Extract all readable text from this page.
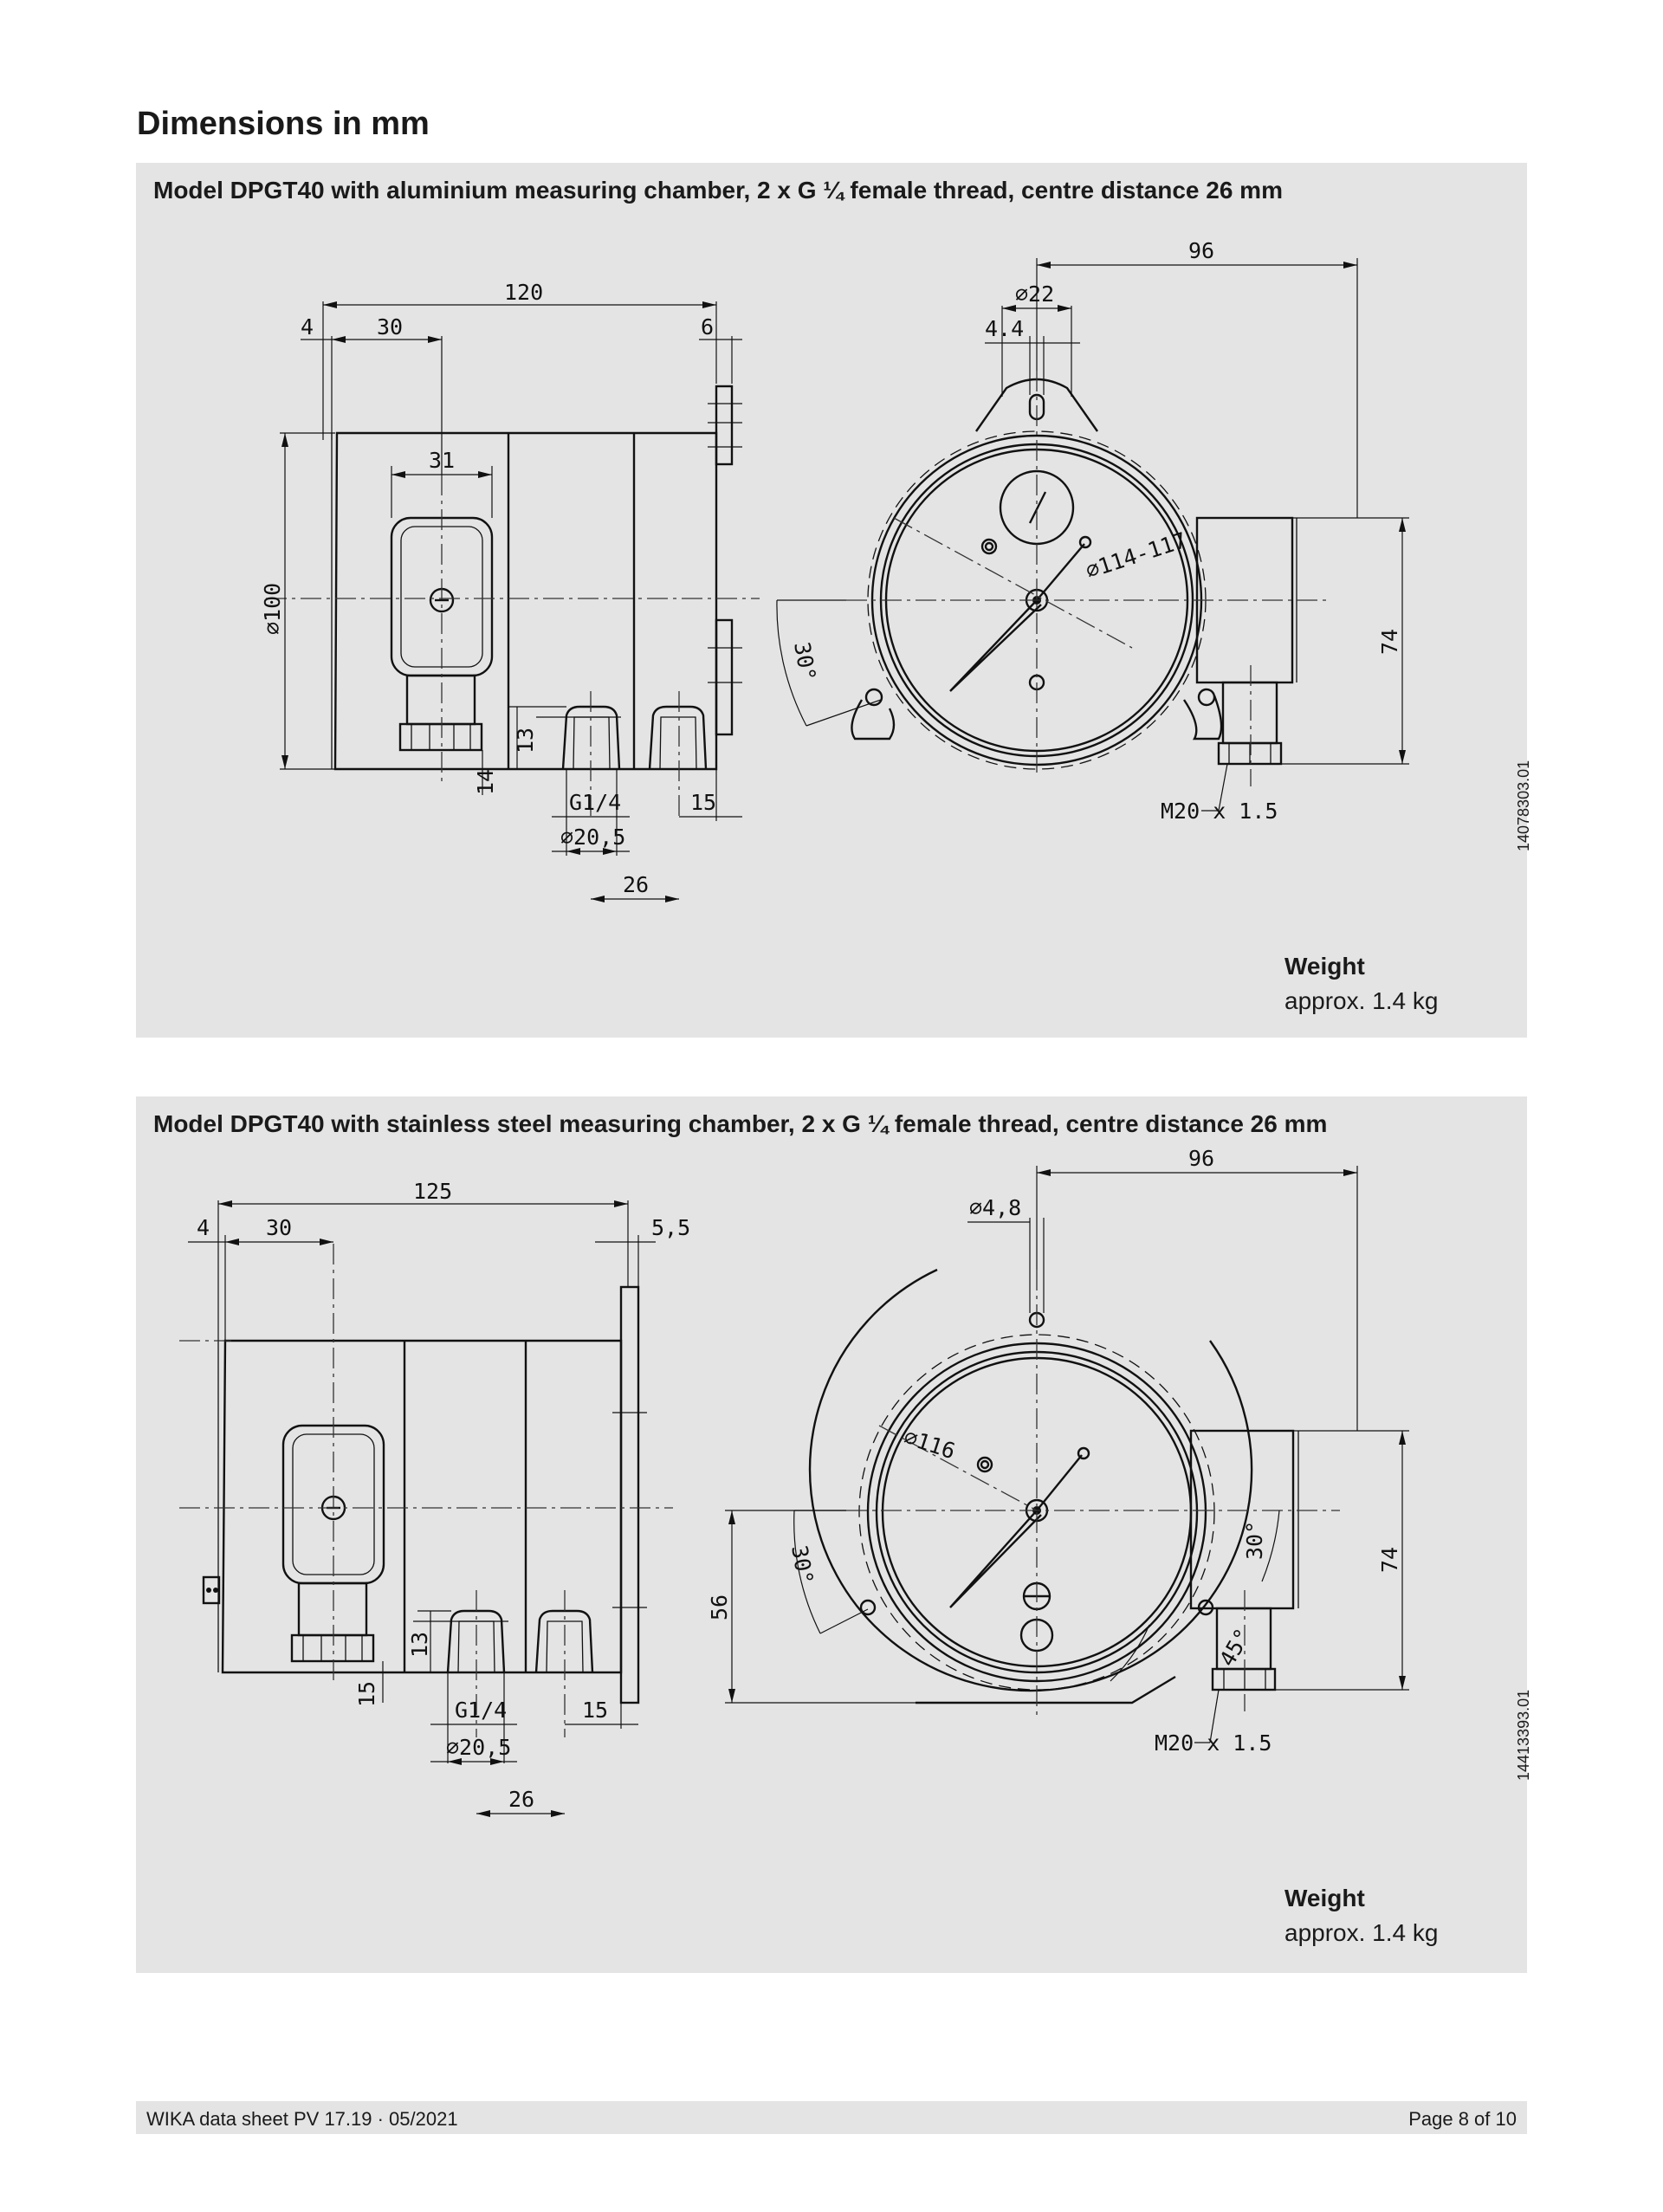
Dimensions in mm
Model DPGT40 with aluminium measuring chamber, 2 x G ¼ female thread, centre distance 26 mm
120
4	30	6
31
⌀100
13
14
G1/4
⌀20,5
15
26
96
⌀22
4.4
⌀114-117
30°	74
M20 x 1.5	14078303.01
Weight
approx. 1.4 kg
Model DPGT40 with stainless steel measuring chamber, 2 x G ¼ female thread, centre distance 26 mm
125
4	30	5,5
13
15
G1/4
⌀20,5
15
26
96
⌀4,8
⌀116
30°
30°
45°
56
74
M20 x 1.5	14413393.01
Weight
approx. 1.4 kg
WIKA data sheet PV 17.19 · 05/2021	Page 8 of 10
